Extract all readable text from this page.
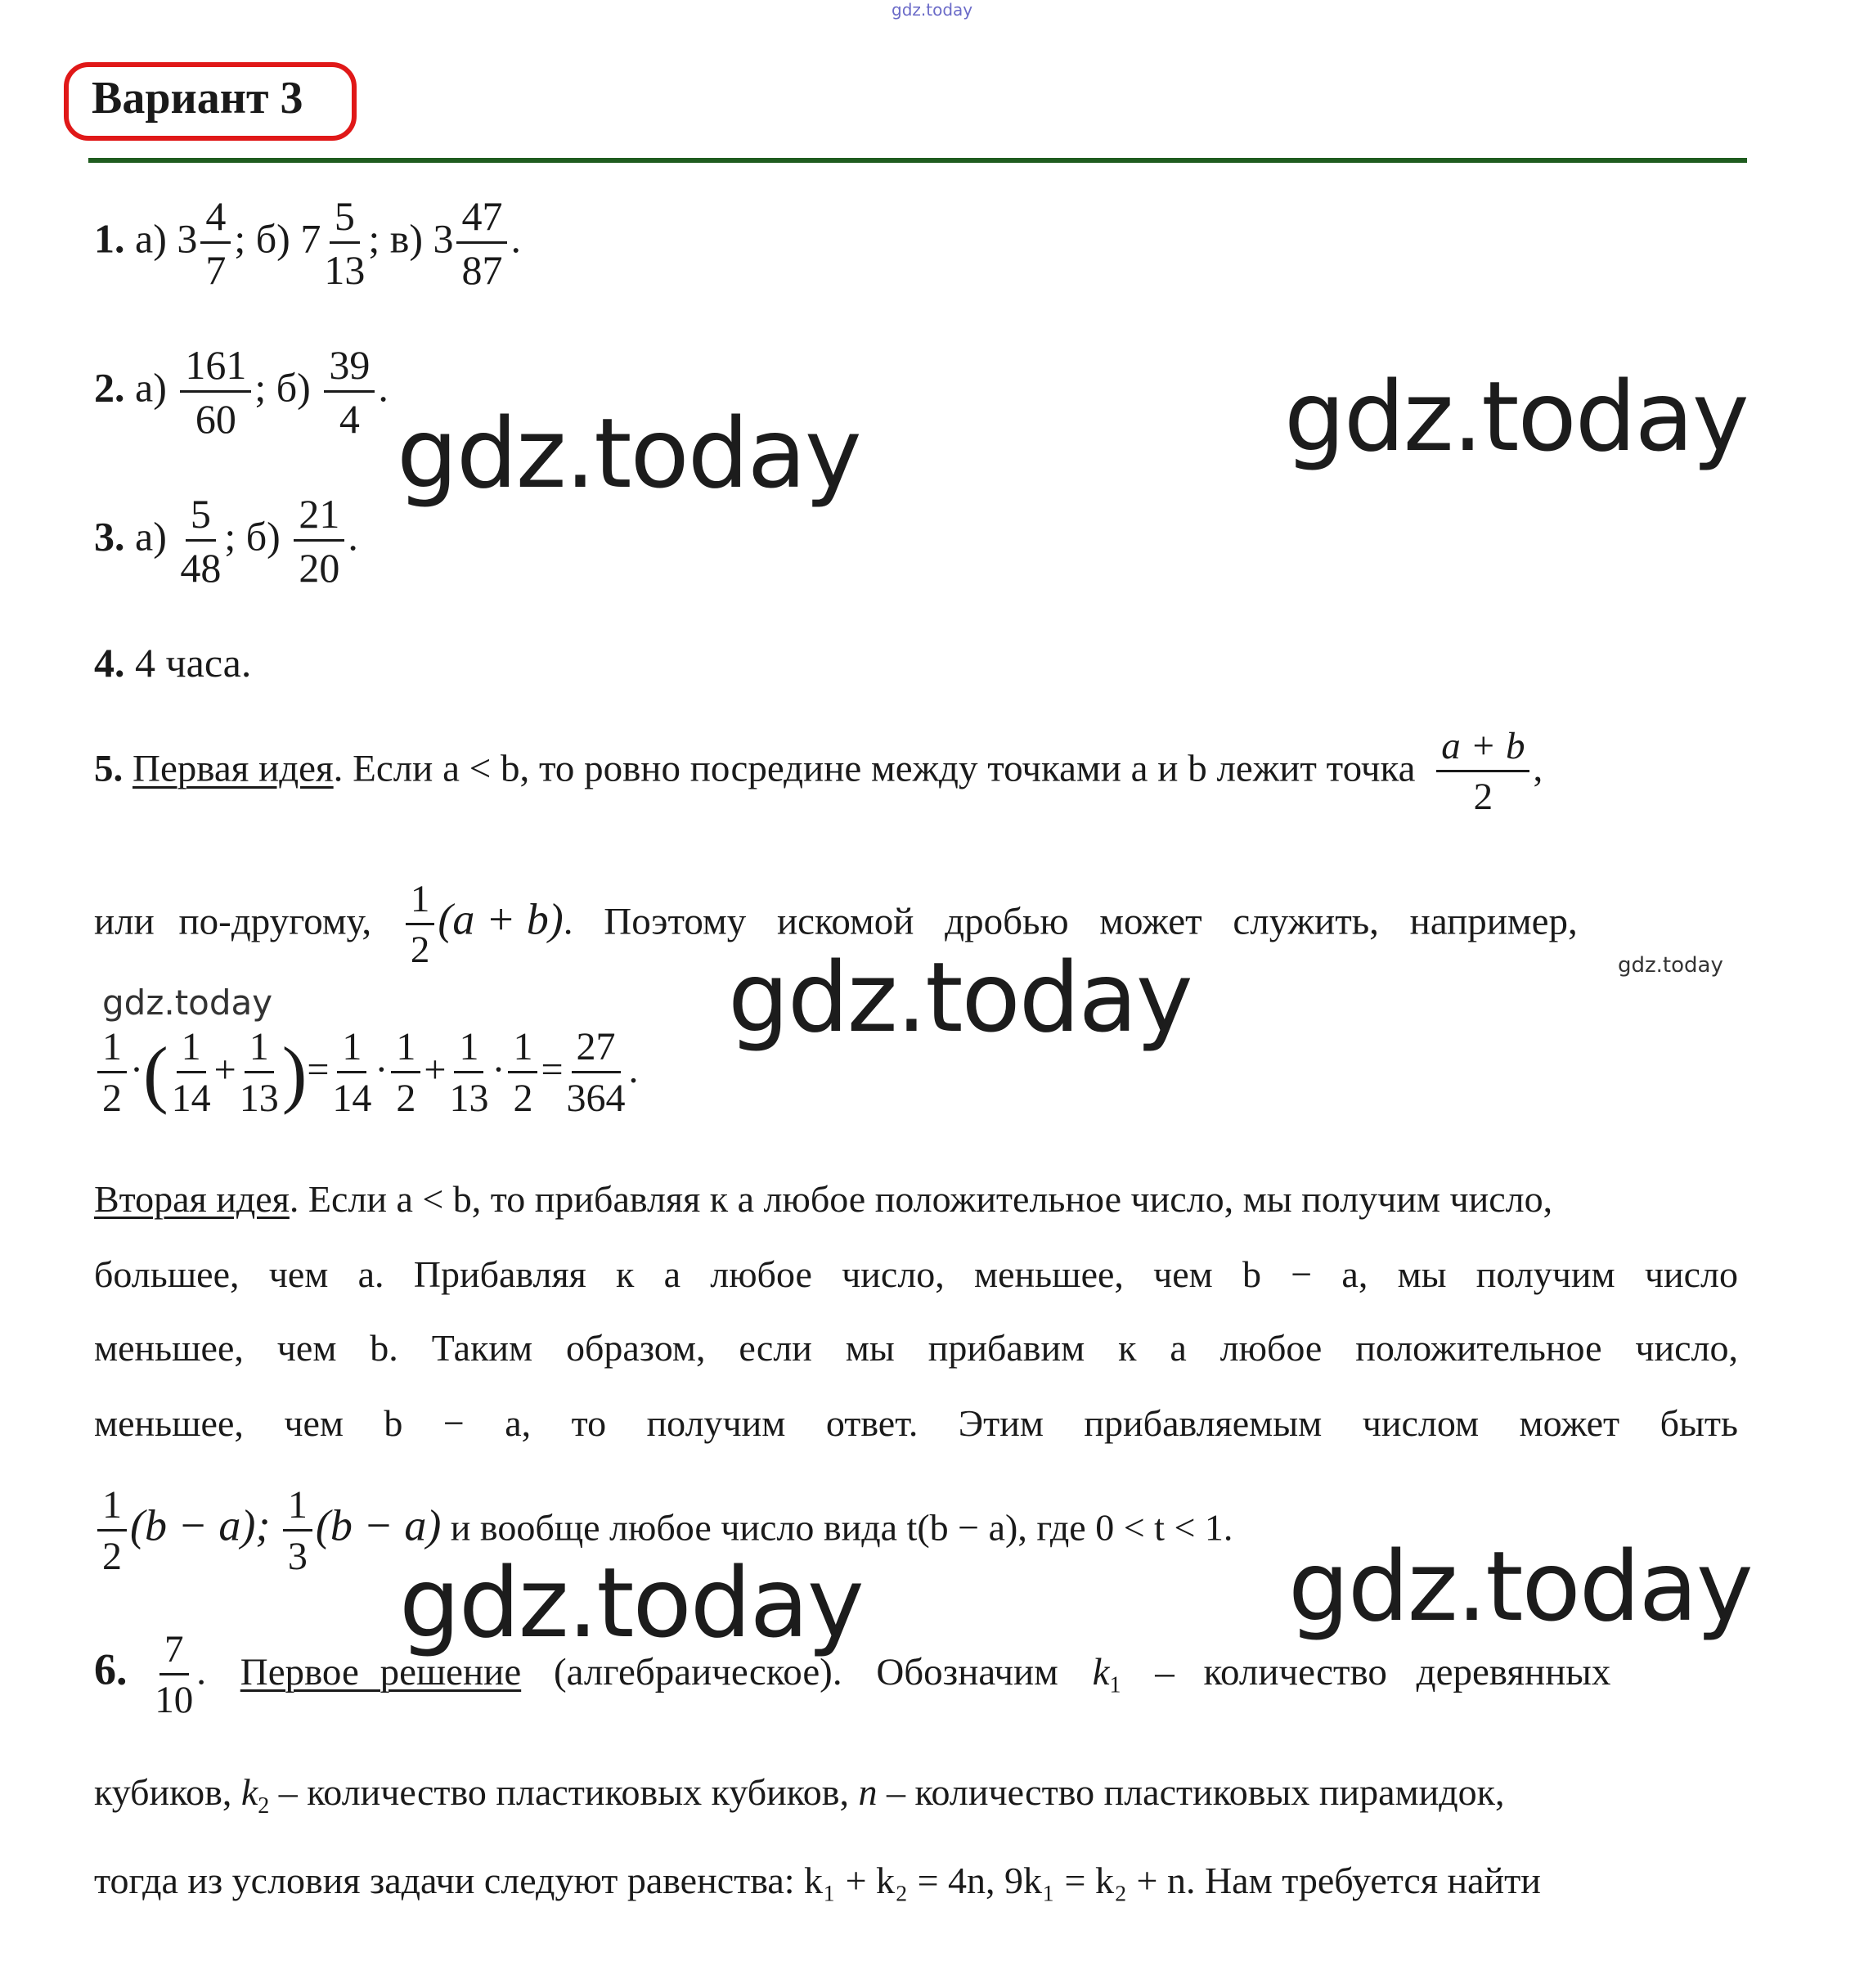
gdz.today
Вариант 3
1. а) $3 \frac{4}{7}$ ; б) $7 \frac{5}{13}$ ; в) $3 \frac{47}{87}$ .
2. $а) \frac{161}{60}$ ; $б) \frac{39}{4}$ .
3. $а) \frac{5}{48}$ ; $б) \frac{21}{20}$ .
4. 4 часа.
5. Первая идея. Если a < b, то ровно посредине между точками a и b лежит точка $\frac{a + b}{2}$ ,
или по-другому, $\frac{1}{2} (a + b)$. Поэтому искомой дробью может служить, например,
$\frac{1}{2}$ ·( $\frac{1}{14} + \frac{1}{13}$ )= $\frac{1}{14} \cdot \frac{1}{2} + \frac{1}{13} \cdot \frac{1}{2} = \frac{27}{364}$ .
Вторая идея. Если a < b, то прибавляя к a любое положительное число, мы получим число,
большее, чем a. Прибавляя к a любое число, меньшее, чем b − a, мы получим число
меньшее, чем b. Таким образом, если мы прибавим к a любое положительное число,
меньшее, чем b − a, то получим ответ. Этим прибавляемым числом может быть
$\frac{1}{2} (b - a)$; $\frac{1}{3} (b - a)$ и вообще любое число вида t(b − a), где 0 < t < 1.
6. $\frac{7}{10}$ . Первое решение (алгебраическое). Обозначим $k_1$ – количество деревянных
кубиков, $k_2$ – количество пластиковых кубиков, n – количество пластиковых пирамидок,
тогда из условия задачи следуют равенства: k₁ + k₂ = 4n, 9k₁ = k₂ + n. Нам требуется найти
gdz.today
gdz.today
gdz.today
gdz.today
gdz.today
gdz.today	gdz.today
